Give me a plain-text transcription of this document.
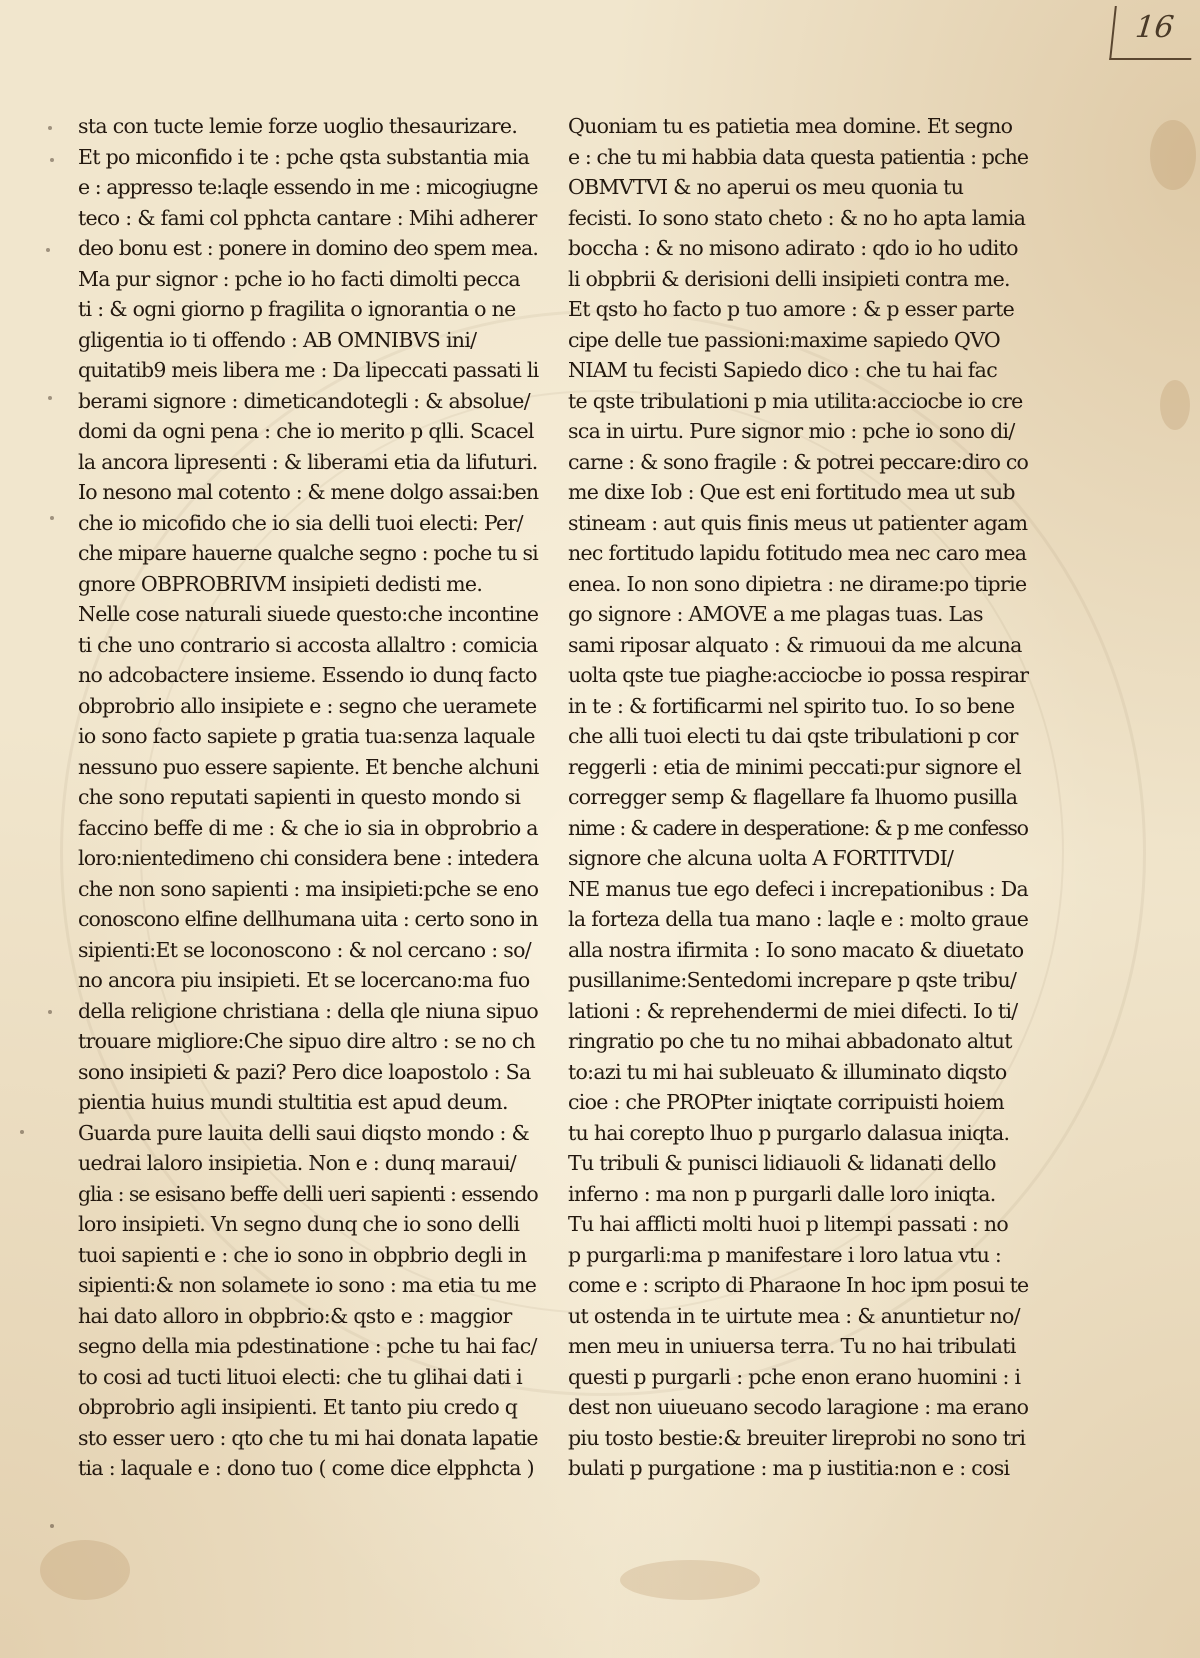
16
sta con tucte lemie forze uoglio thesaurizare.
Et po miconfido i te : pche qsta substantia mia
e : appresso te:laqle essendo in me : micogiugne
teco : & fami col pphcta cantare : Mihi adherer
deo bonu est : ponere in domino deo spem mea.
Ma pur signor : pche io ho facti dimolti pecca
ti : & ogni giorno p fragilita o ignorantia o ne
gligentia io ti offendo : AB OMNIBVS ini/
quitatib9 meis libera me : Da lipeccati passati li
berami signore : dimeticandotegli : & absolue/
domi da ogni pena : che io merito p qlli. Scacel
la ancora lipresenti : & liberami etia da lifuturi.
Io nesono mal cotento : & mene dolgo assai:ben
che io micofido che io sia delli tuoi electi: Per/
che mipare hauerne qualche segno : poche tu si
gnore OBPROBRIVM insipieti dedisti me.
Nelle cose naturali siuede questo:che incontine
ti che uno contrario si accosta allaltro : comicia
no adcobactere insieme. Essendo io dunq facto
obprobrio allo insipiete e : segno che ueramete
io sono facto sapiete p gratia tua:senza laquale
nessuno puo essere sapiente. Et benche alchuni
che sono reputati sapienti in questo mondo si
faccino beffe di me : & che io sia in obprobrio a
loro:nientedimeno chi considera bene : intedera
che non sono sapienti : ma insipieti:pche se eno
conoscono elfine dellhumana uita : certo sono in
sipienti:Et se loconoscono : & nol cercano : so/
no ancora piu insipieti. Et se locercano:ma fuo
della religione christiana : della qle niuna sipuo
trouare migliore:Che sipuo dire altro : se no ch
sono insipieti & pazi? Pero dice loapostolo : Sa
pientia huius mundi stultitia est apud deum.
Guarda pure lauita delli saui diqsto mondo : &
uedrai laloro insipietia. Non e : dunq maraui/
glia : se esisano beffe delli ueri sapienti : essendo
loro insipieti. Vn segno dunq che io sono delli
tuoi sapienti e : che io sono in obpbrio degli in
sipienti:& non solamete io sono : ma etia tu me
hai dato alloro in obpbrio:& qsto e : maggior
segno della mia pdestinatione : pche tu hai fac/
to cosi ad tucti lituoi electi: che tu glihai dati i
obprobrio agli insipienti. Et tanto piu credo q
sto esser uero : qto che tu mi hai donata lapatie
tia : laquale e : dono tuo ( come dice elpphcta )
Quoniam tu es patietia mea domine. Et segno
e : che tu mi habbia data questa patientia : pche
OBMVTVI & no aperui os meu quonia tu
fecisti. Io sono stato cheto : & no ho apta lamia
boccha : & no misono adirato : qdo io ho udito
li obpbrii & derisioni delli insipieti contra me.
Et qsto ho facto p tuo amore : & p esser parte
cipe delle tue passioni:maxime sapiedo QVO
NIAM tu fecisti Sapiedo dico : che tu hai fac
te qste tribulationi p mia utilita:acciocbe io cre
sca in uirtu. Pure signor mio : pche io sono di/
carne : & sono fragile : & potrei peccare:diro co
me dixe Iob : Que est eni fortitudo mea ut sub
stineam : aut quis finis meus ut patienter agam
nec fortitudo lapidu fotitudo mea nec caro mea
enea. Io non sono dipietra : ne dirame:po tiprie
go signore : AMOVE a me plagas tuas. Las
sami riposar alquato : & rimuoui da me alcuna
uolta qste tue piaghe:acciocbe io possa respirar
in te : & fortificarmi nel spirito tuo. Io so bene
che alli tuoi electi tu dai qste tribulationi p cor
reggerli : etia de minimi peccati:pur signore el
corregger semp & flagellare fa lhuomo pusilla
nime : & cadere in desperatione: & p me confesso
signore che alcuna uolta A FORTITVDI/
NE manus tue ego defeci i increpationibus : Da
la forteza della tua mano : laqle e : molto graue
alla nostra ifirmita : Io sono macato & diuetato
pusillanime:Sentedomi increpare p qste tribu/
lationi : & reprehendermi de miei difecti. Io ti/
ringratio po che tu no mihai abbadonato altut
to:azi tu mi hai subleuato & illuminato diqsto
cioe : che PROPter iniqtate corripuisti hoiem
tu hai corepto lhuo p purgarlo dalasua iniqta.
Tu tribuli & punisci lidiauoli & lidanati dello
inferno : ma non p purgarli dalle loro iniqta.
Tu hai afflicti molti huoi p litempi passati : no
p purgarli:ma p manifestare i loro latua vtu :
come e : scripto di Pharaone In hoc ipm posui te
ut ostenda in te uirtute mea : & anuntietur no/
men meu in uniuersa terra. Tu no hai tribulati
questi p purgarli : pche enon erano huomini : i
dest non uiueuano secodo laragione : ma erano
piu tosto bestie:& breuiter lireprobi no sono tri
bulati p purgatione : ma p iustitia:non e : cosi
